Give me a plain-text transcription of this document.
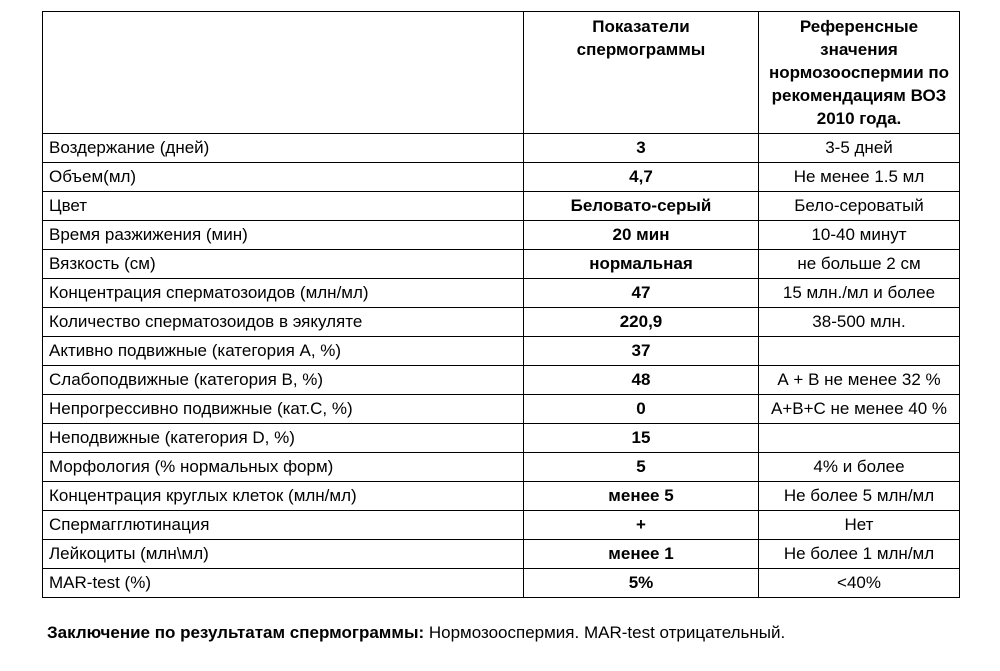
	Показатели спермограммы	Референсные значения нормозооспермии по рекомендациям ВОЗ 2010 года.
Воздержание (дней)	3	3-5 дней
Объем(мл)	4,7	Не менее 1.5 мл
Цвет	Беловато-серый	Бело-сероватый
Время разжижения (мин)	20 мин	10-40 минут
Вязкость (см)	нормальная	не больше 2 см
Концентрация сперматозоидов (млн/мл)	47	15 млн./мл и более
Количество сперматозоидов в эякуляте	220,9	38-500 млн.
Активно подвижные (категория А, %)	37	
Слабоподвижные (категория В, %)	48	А + В не менее 32 %
Непрогрессивно подвижные (кат.С, %)	0	А+В+С не менее 40 %
Неподвижные (категория D, %)	15	
Морфология (% нормальных форм)	5	4% и более
Концентрация круглых клеток (млн/мл)	менее 5	Не более 5 млн/мл
Спермагглютинация	+	Нет
Лейкоциты (млн\мл)	менее 1	Не более 1 млн/мл
MAR-test (%)	5%	<40%
Заключение по результатам спермограммы: Нормозооспермия. MAR-test отрицательный.
